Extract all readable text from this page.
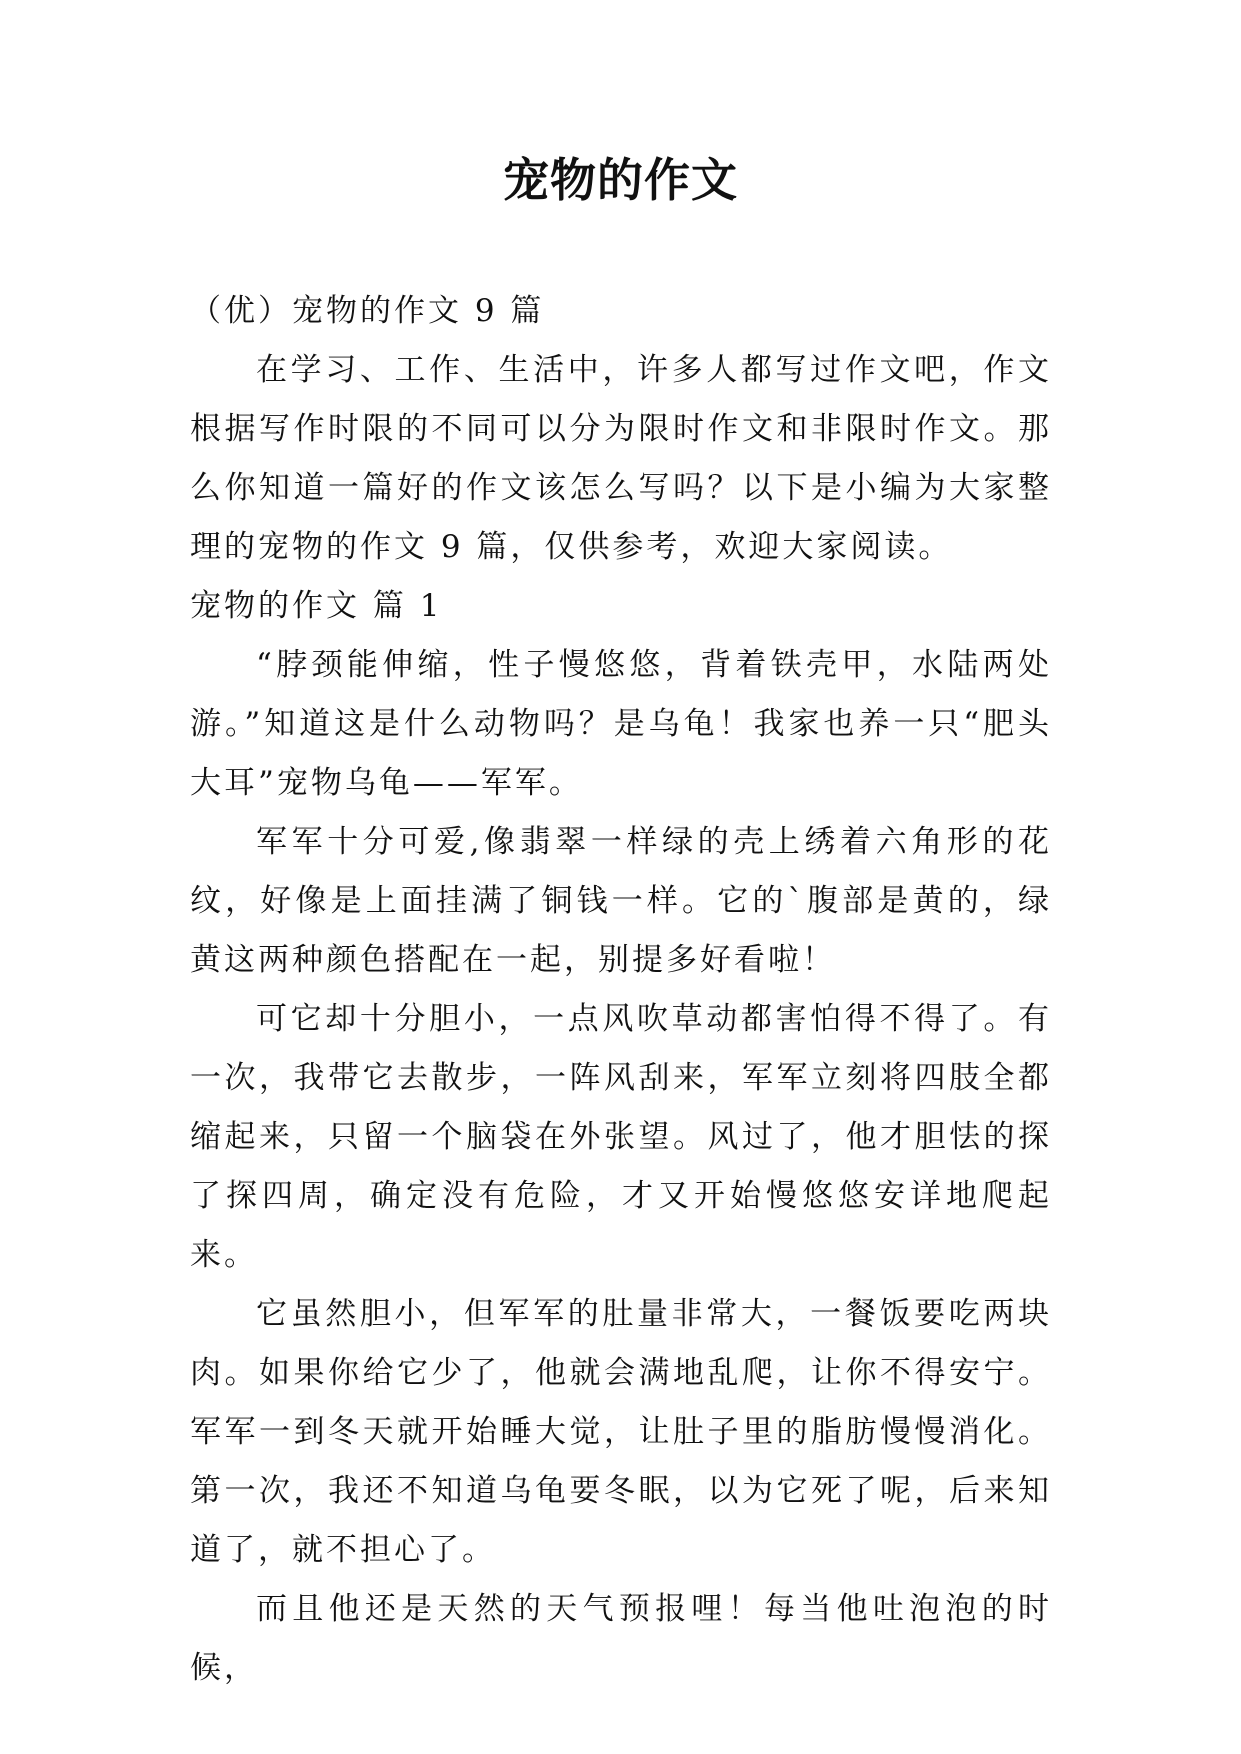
宠物的作文

（优）宠物的作文 9 篇

在学习、工作、生活中，许多人都写过作文吧，作文根据写作时限的不同可以分为限时作文和非限时作文。那么你知道一篇好的作文该怎么写吗？以下是小编为大家整理的宠物的作文 9 篇，仅供参考，欢迎大家阅读。

宠物的作文 篇 1

“脖颈能伸缩，性子慢悠悠，背着铁壳甲，水陆两处游。”知道这是什么动物吗？是乌龟！我家也养一只“肥头大耳”宠物乌龟——军军。

军军十分可爱,像翡翠一样绿的壳上绣着六角形的花纹，好像是上面挂满了铜钱一样。它的`腹部是黄的，绿黄这两种颜色搭配在一起，别提多好看啦！

可它却十分胆小，一点风吹草动都害怕得不得了。有一次，我带它去散步，一阵风刮来，军军立刻将四肢全都缩起来，只留一个脑袋在外张望。风过了，他才胆怯的探了探四周，确定没有危险，才又开始慢悠悠安详地爬起来。

它虽然胆小，但军军的肚量非常大，一餐饭要吃两块肉。如果你给它少了，他就会满地乱爬，让你不得安宁。军军一到冬天就开始睡大觉，让肚子里的脂肪慢慢消化。第一次，我还不知道乌龟要冬眠，以为它死了呢，后来知道了，就不担心了。

而且他还是天然的天气预报哩！每当他吐泡泡的时候，
